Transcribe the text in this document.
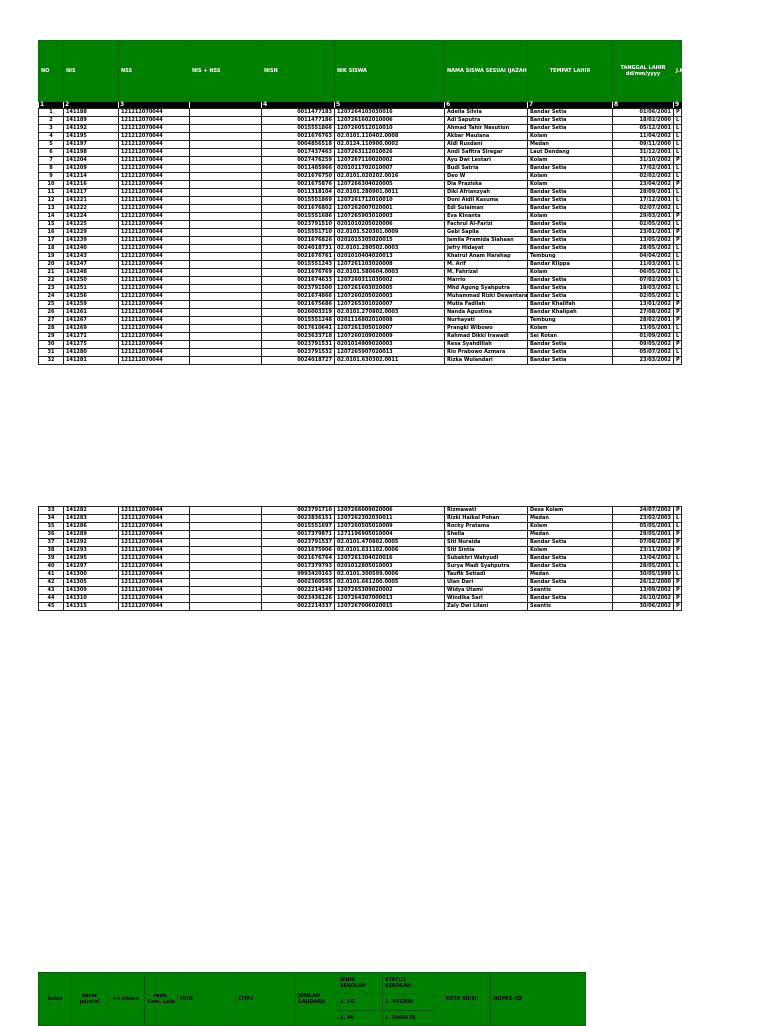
NO	NIS	NSS	NIS + NSS	NISN	NIK SISWA	NAMA SISWA SESUAI IJAZAH	TEMPAT LAHIR	TANGGAL LAHIR dd/mm/yyyy	J.Kel
1	2	3		4	5	6	7	8	9
1	141188	121212070044		0011477183	1207264103030016	Adella Silvia	Bandar Setia	01/06/2001	P
2	141189	121212070044		0011477186	1207261602010006	Adi Saputra	Bandar Setia	18/02/2000	L
3	141192	121212070044		0015551866	1207260512010010	Ahmad Tahir Nasution	Bandar Setia	05/12/2001	L
4	141195	121212070044		0021676763	02.0101.110402.0008	Akbar Maulana	Kolam	11/04/2002	L
5	141197	121212070044		0004856518	02.0124.110900.0002	Aldi Rusdani	Medan	09/11/2000	L
6	141198	121212070044		0017437463	1207263112010026	Andi Safitra Siregar	Laut Dendang	31/12/2001	L
7	141204	121212070044		0027476259	1207267110020002	Ayu Dwi Lestari	Kolam	31/10/2002	P
8	141209	121212070044		0011485966	0201011702010007	Budi Satria	Bandar Setia	17/02/2001	L
9	141214	121212070044		0021676750	02.0101.020202.0016	Deo W	Kolam	02/02/2002	L
10	141216	121212070044		0021675876	1207266304020005	Dia Praziska	Kolam	23/04/2002	P
11	141217	121212070044		0011318104	02.0101.280901.0011	Diki Afrianzyah	Bandar Setia	28/09/2001	L
12	141221	121212070044		0015551869	1207261712010010	Doni Aidil Kasuma	Bandar Setia	17/12/2001	L
13	141222	121212070044		0021676802	1207262007020001	Edi Sulaiman	Bandar Setia	02/07/2002	L
14	141224	121212070044		0015551686	1207265903010003	Eva Kinanta	Kolam	29/03/2001	P
15	141225	121212070044		0023791510	0201010205020006	Fachrul Al-Farizi	Bandar Setia	02/05/2002	L
16	141229	121212070044		0015551710	02.0101.520301.0009	Gebi Sapila	Bandar Setia	23/01/2001	P
17	141239	121212070044		0021676826	0201015305020015	Jamila Pramida Siahaan	Bandar Setia	13/05/2002	P
18	141240	121212070044		0024018731	02.0101.280502.0003	Jefry Hidayat	Bandar Setia	28/05/2002	L
19	141243	121212070044		0021676761	0201010404020013	Khairul Anam Harahap	Tembung	04/04/2002	L
20	141247	121212070044		0015551243	1207261103020008	M. Arif	Bandar Klippa	11/03/2001	L
21	141248	121212070044		0021676769	02.0101.580604.0003	M. Fahrizal	Kolam	06/05/2002	L
22	141250	121212070044		0021674633	1207260311030002	Marrio	Bandar Setia	07/02/2003	L
23	141251	121212070044		0023791500	1207261603020005	Mhd Agung Syahputra	Bandar Setia	18/03/2002	L
24	141256	121212070044		0021674866	1207260205020003	Muhammad Rizki Dewantara	Bandar Setia	02/05/2002	L
25	141259	121212070044		0021675686	1207265301020007	Mutia Fadilah	Bandar Khalifah	13/01/2002	P
26	141261	121212070044		0026003319	02.0101.270802.0003	Nanda Agustina	Bandar Khalipah	27/08/2002	P
27	141267	121212070044		0015551248	0201116802010008	Nurhayati	Tembung	28/02/2001	P
28	141269	121212070044		0017610641	1207261305010007	Prangki Wibowo	Kolam	13/05/2001	L
29	141271	121212070044		0023633718	1207260109020009	Rahmad Dikki Irawadi	Sei Rotan	01/09/2002	L
30	141275	121212070044		0023791531	0201014909020003	Resa Syahdillah	Bandar Setia	09/05/2002	P
31	141280	121212070044		0023791532	1207265907020013	Rio Prabowo Azmara	Bandar Setia	05/07/2002	L
32	141281	121212070044		0024018727	02.0101.630302.0011	Rizka Wulandari	Bandar Setia	23/03/2002	P
33	141282	121212070044		0023791710	1207266009020006	Rizmawati	Desa Kolam	24/07/2002	P
34	141283	121212070044		0023836151	1207262302030011	Rizki Haikal Pohan	Medan	23/02/2003	L
35	141286	121212070044		0015551697	1207260505010009	Rocky Pratama	Kolam	05/05/2001	L
36	141289	121212070044		0017379871	1271196905010004	Shella	Medan	29/05/2001	P
37	141292	121212070044		0023791537	02.0101.470802.0005	Siti Nuraida	Bandar Setia	07/08/2002	P
38	141293	121212070044		0021675906	02.0101.631102.0006	Siti Sintia	Kolam	23/11/2002	P
39	141295	121212070044		0021676764	1207261304020016	Subakhri Wahyudi	Bandar Setia	13/04/2002	L
40	141297	121212070044		0017379793	0201012805010003	Surya Madi Syahputra	Bandar Setia	28/05/2001	L
41	141300	121212070044		9993420163	02.0101.300599.0006	Taufik Setiadi	Medan	30/05/1999	L
42	141305	121212070044		0002360555	02.0101.661200.0005	Ulan Dari	Bandar Setia	26/12/2000	P
43	141309	121212070044		0022214349	1207265309020002	Widya Utami	Seantis	13/09/2002	P
44	141310	121212070044		0023436126	1207264307000013	Windika Sari	Bandar Setia	26/10/2002	P
45	141315	121212070044		0022214337	1207267006020015	Zaly Dwi Lilani	Seantis	30/06/2002	P
kelas	kelas paralel	no.absen	rank. Sem. Lalu	HOBI	CITA2	JUMLAH SAUDARA	JENIS SEKOLAH	STATUS SEKOLAH	KOTA SD/MI	NOPES-SD
							1. SD	1. NEGERI		
							2. MI	2. SWASTA		
